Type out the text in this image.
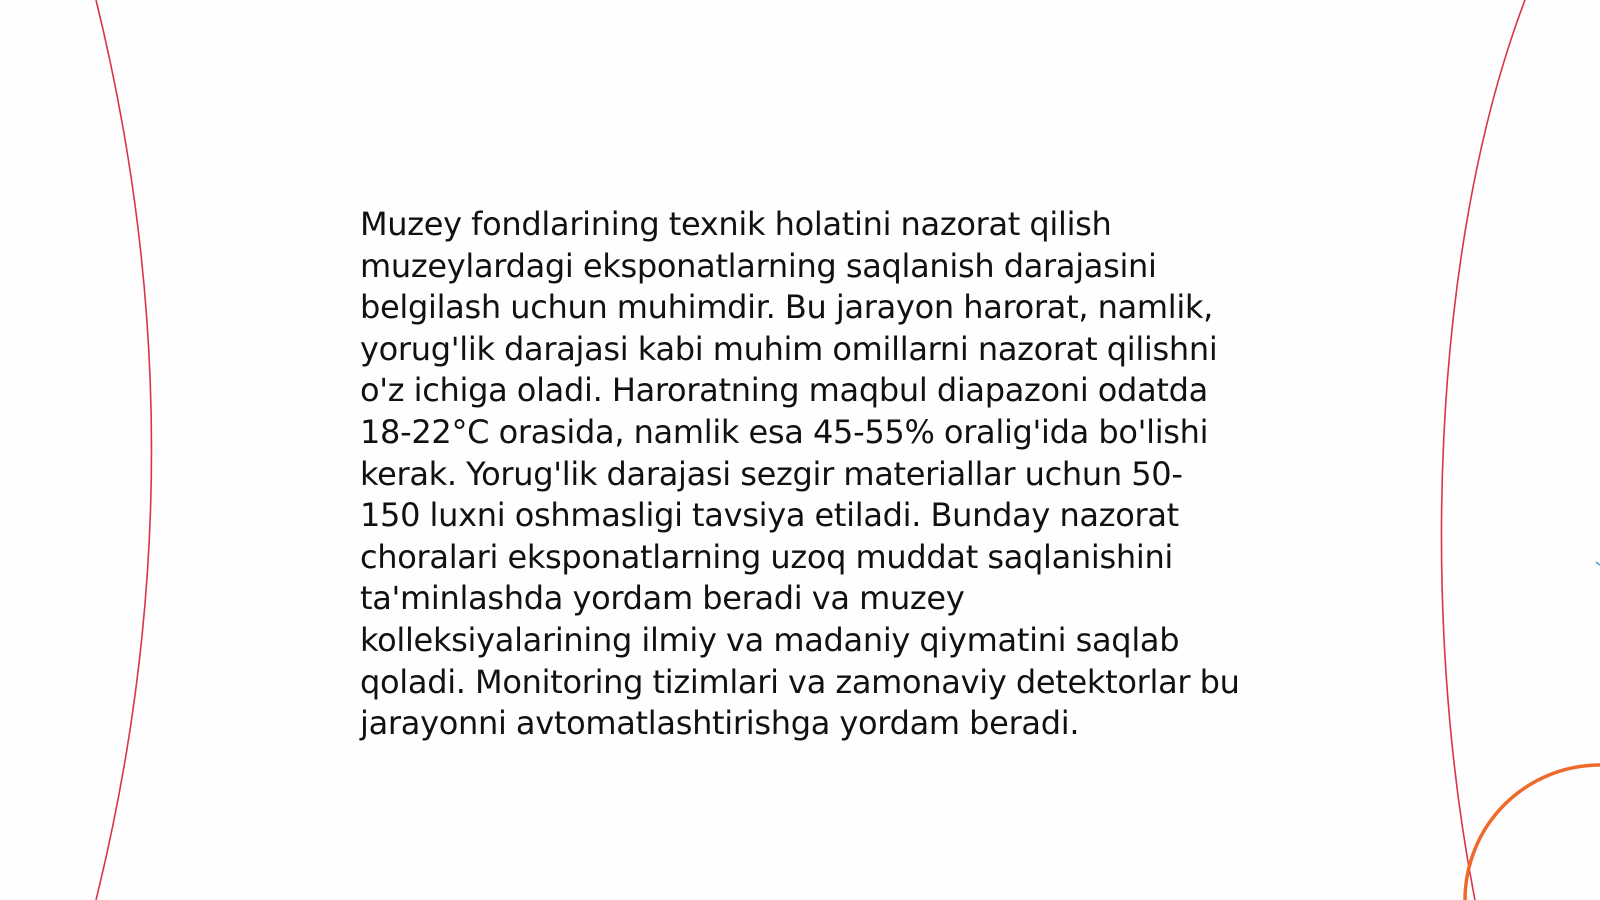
Muzey fondlarining texnik holatini nazorat qilish muzeylardagi eksponatlarning saqlanish darajasini belgilash uchun muhimdir. Bu jarayon harorat, namlik, yorug'lik darajasi kabi muhim omillarni nazorat qilishni o'z ichiga oladi. Haroratning maqbul diapazoni odatda 18-22°C orasida, namlik esa 45-55% oralig'ida bo'lishi kerak. Yorug'lik darajasi sezgir materiallar uchun 50-150 luxni oshmasligi tavsiya etiladi. Bunday nazorat choralari eksponatlarning uzoq muddat saqlanishini ta'minlashda yordam beradi va muzey kolleksiyalarining ilmiy va madaniy qiymatini saqlab qoladi. Monitoring tizimlari va zamonaviy detektorlar bu jarayonni avtomatlashtirishga yordam beradi.
